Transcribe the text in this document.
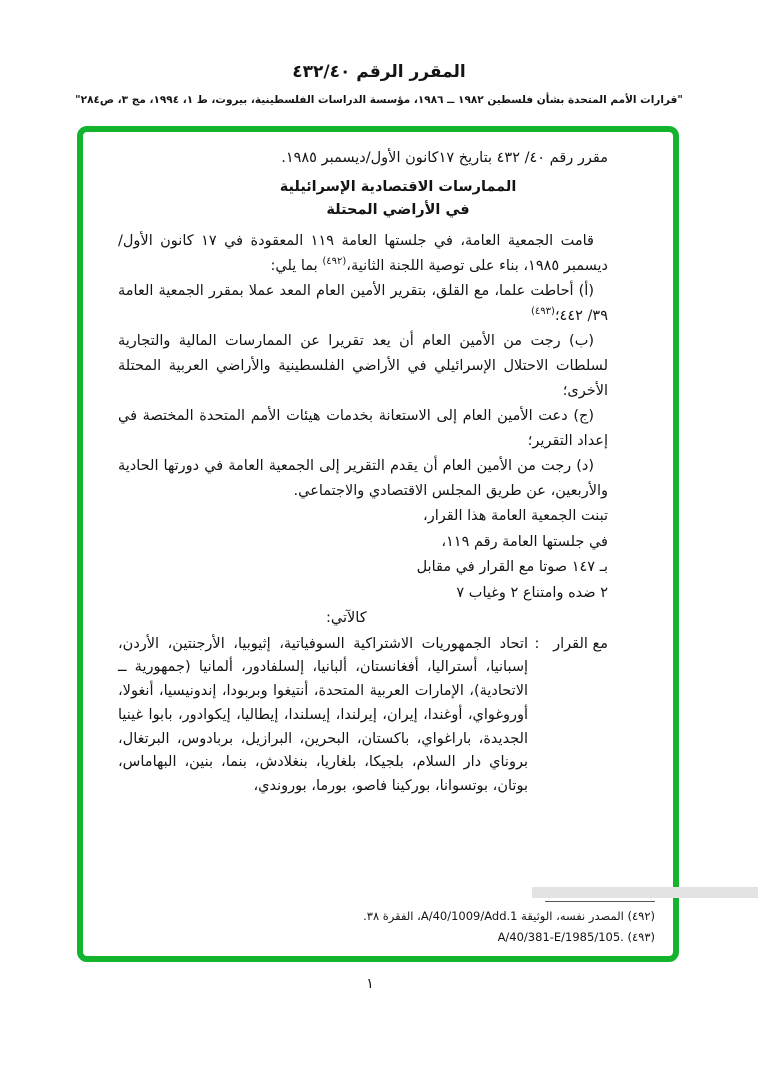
المقرر الرقم ٤٣٢/٤٠
"قرارات الأمم المتحدة بشأن فلسطين ١٩٨٢ ــ ١٩٨٦، مؤسسة الدراسات الفلسطينية، بيروت، ط ١، ١٩٩٤، مج ٣، ص٢٨٤"

مقرر رقم ٤٠/ ٤٣٢ بتاريخ ١٧كانون الأول/ديسمبر ١٩٨٥.

الممارسات الاقتصادية الإسرائيلية
في الأراضي المحتلة

قامت الجمعية العامة، في جلستها العامة ١١٩ المعقودة في ١٧ كانون الأول/ديسمبر ١٩٨٥، بناء على توصية اللجنة الثانية،$^{(٤٩٢)}$ بما يلي:

(أ) أحاطت علما، مع القلق، بتقرير الأمين العام المعد عملا بمقرر الجمعية العامة ٣٩/ ٤٤٢؛$^{(٤٩٣)}$

(ب) رجت من الأمين العام أن يعد تقريرا عن الممارسات المالية والتجارية لسلطات الاحتلال الإسرائيلي في الأراضي الفلسطينية والأراضي العربية المحتلة الأخرى؛

(ج) دعت الأمين العام إلى الاستعانة بخدمات هيئات الأمم المتحدة المختصة في إعداد التقرير؛

(د) رجت من الأمين العام أن يقدم التقرير إلى الجمعية العامة في دورتها الحادية والأربعين، عن طريق المجلس الاقتصادي والاجتماعي.

تبنت الجمعية العامة هذا القرار،
في جلستها العامة رقم ١١٩،
بـ ١٤٧ صوتا مع القرار في مقابل
٢ ضده وامتناع ٢ وغياب ٧
كالآتي:
مع القرار
:
اتحاد الجمهوريات الاشتراكية السوفياتية، إثيوبيا، الأرجنتين، الأردن، إسبانيا، أستراليا، أفغانستان، ألبانيا، إلسلفادور، ألمانيا (جمهورية ــ الاتحادية)، الإمارات العربية المتحدة، أنتيغوا وبربودا، إندونيسيا، أنغولا، أوروغواي، أوغندا، إيران، إيرلندا، إيسلندا، إيطاليا، إيكوادور، بابوا غينيا الجديدة، باراغواي، باكستان، البحرين، البرازيل، بربادوس، البرتغال، بروناي دار السلام، بلجيكا، بلغاريا، بنغلادش، بنما، بنين، البهاماس، بوتان، بوتسوانا، بوركينا فاصو، بورما، بوروندي،
(٤٩٢) المصدر نفسه، الوثيقة A/40/1009/Add.1، الفقرة ٣٨.
(٤٩٣) A/40/381-E/1985/105.‎
١
